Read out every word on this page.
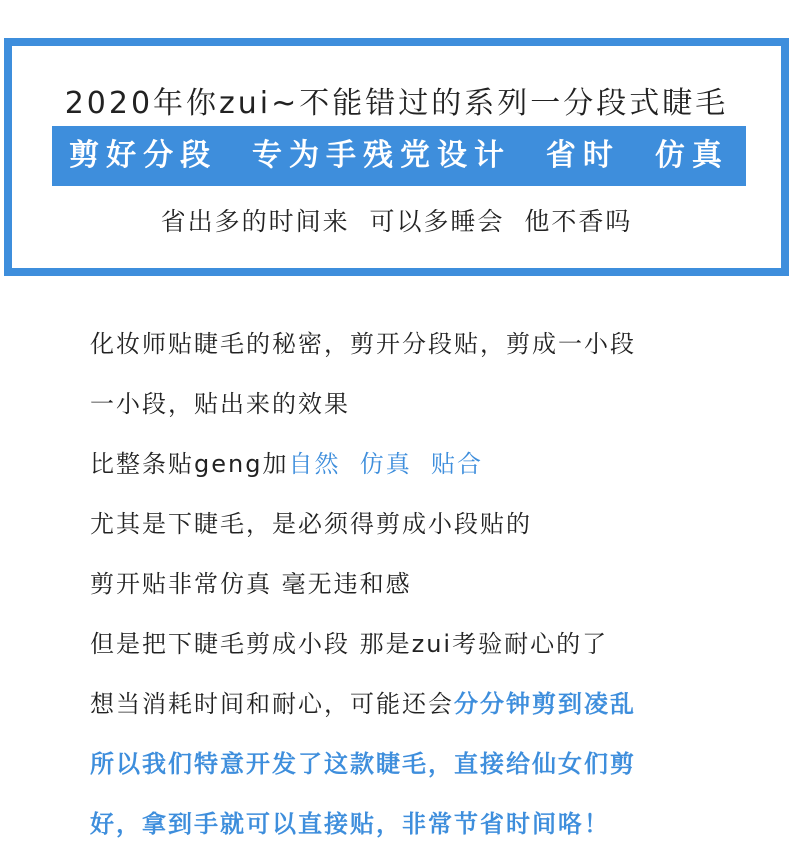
2020年你zui~不能错过的系列一分段式睫毛
剪好分段  专为手残党设计  省时  仿真
省出多的时间来  可以多睡会  他不香吗
化妆师贴睫毛的秘密，剪开分段贴，剪成一小段
一小段，贴出来的效果
比整条贴geng加自然  仿真  贴合
尤其是下睫毛，是必须得剪成小段贴的
剪开贴非常仿真 毫无违和感
但是把下睫毛剪成小段 那是zui考验耐心的了
想当消耗时间和耐心，可能还会分分钟剪到凌乱
所以我们特意开发了这款睫毛，直接给仙女们剪
好，拿到手就可以直接贴，非常节省时间咯！
